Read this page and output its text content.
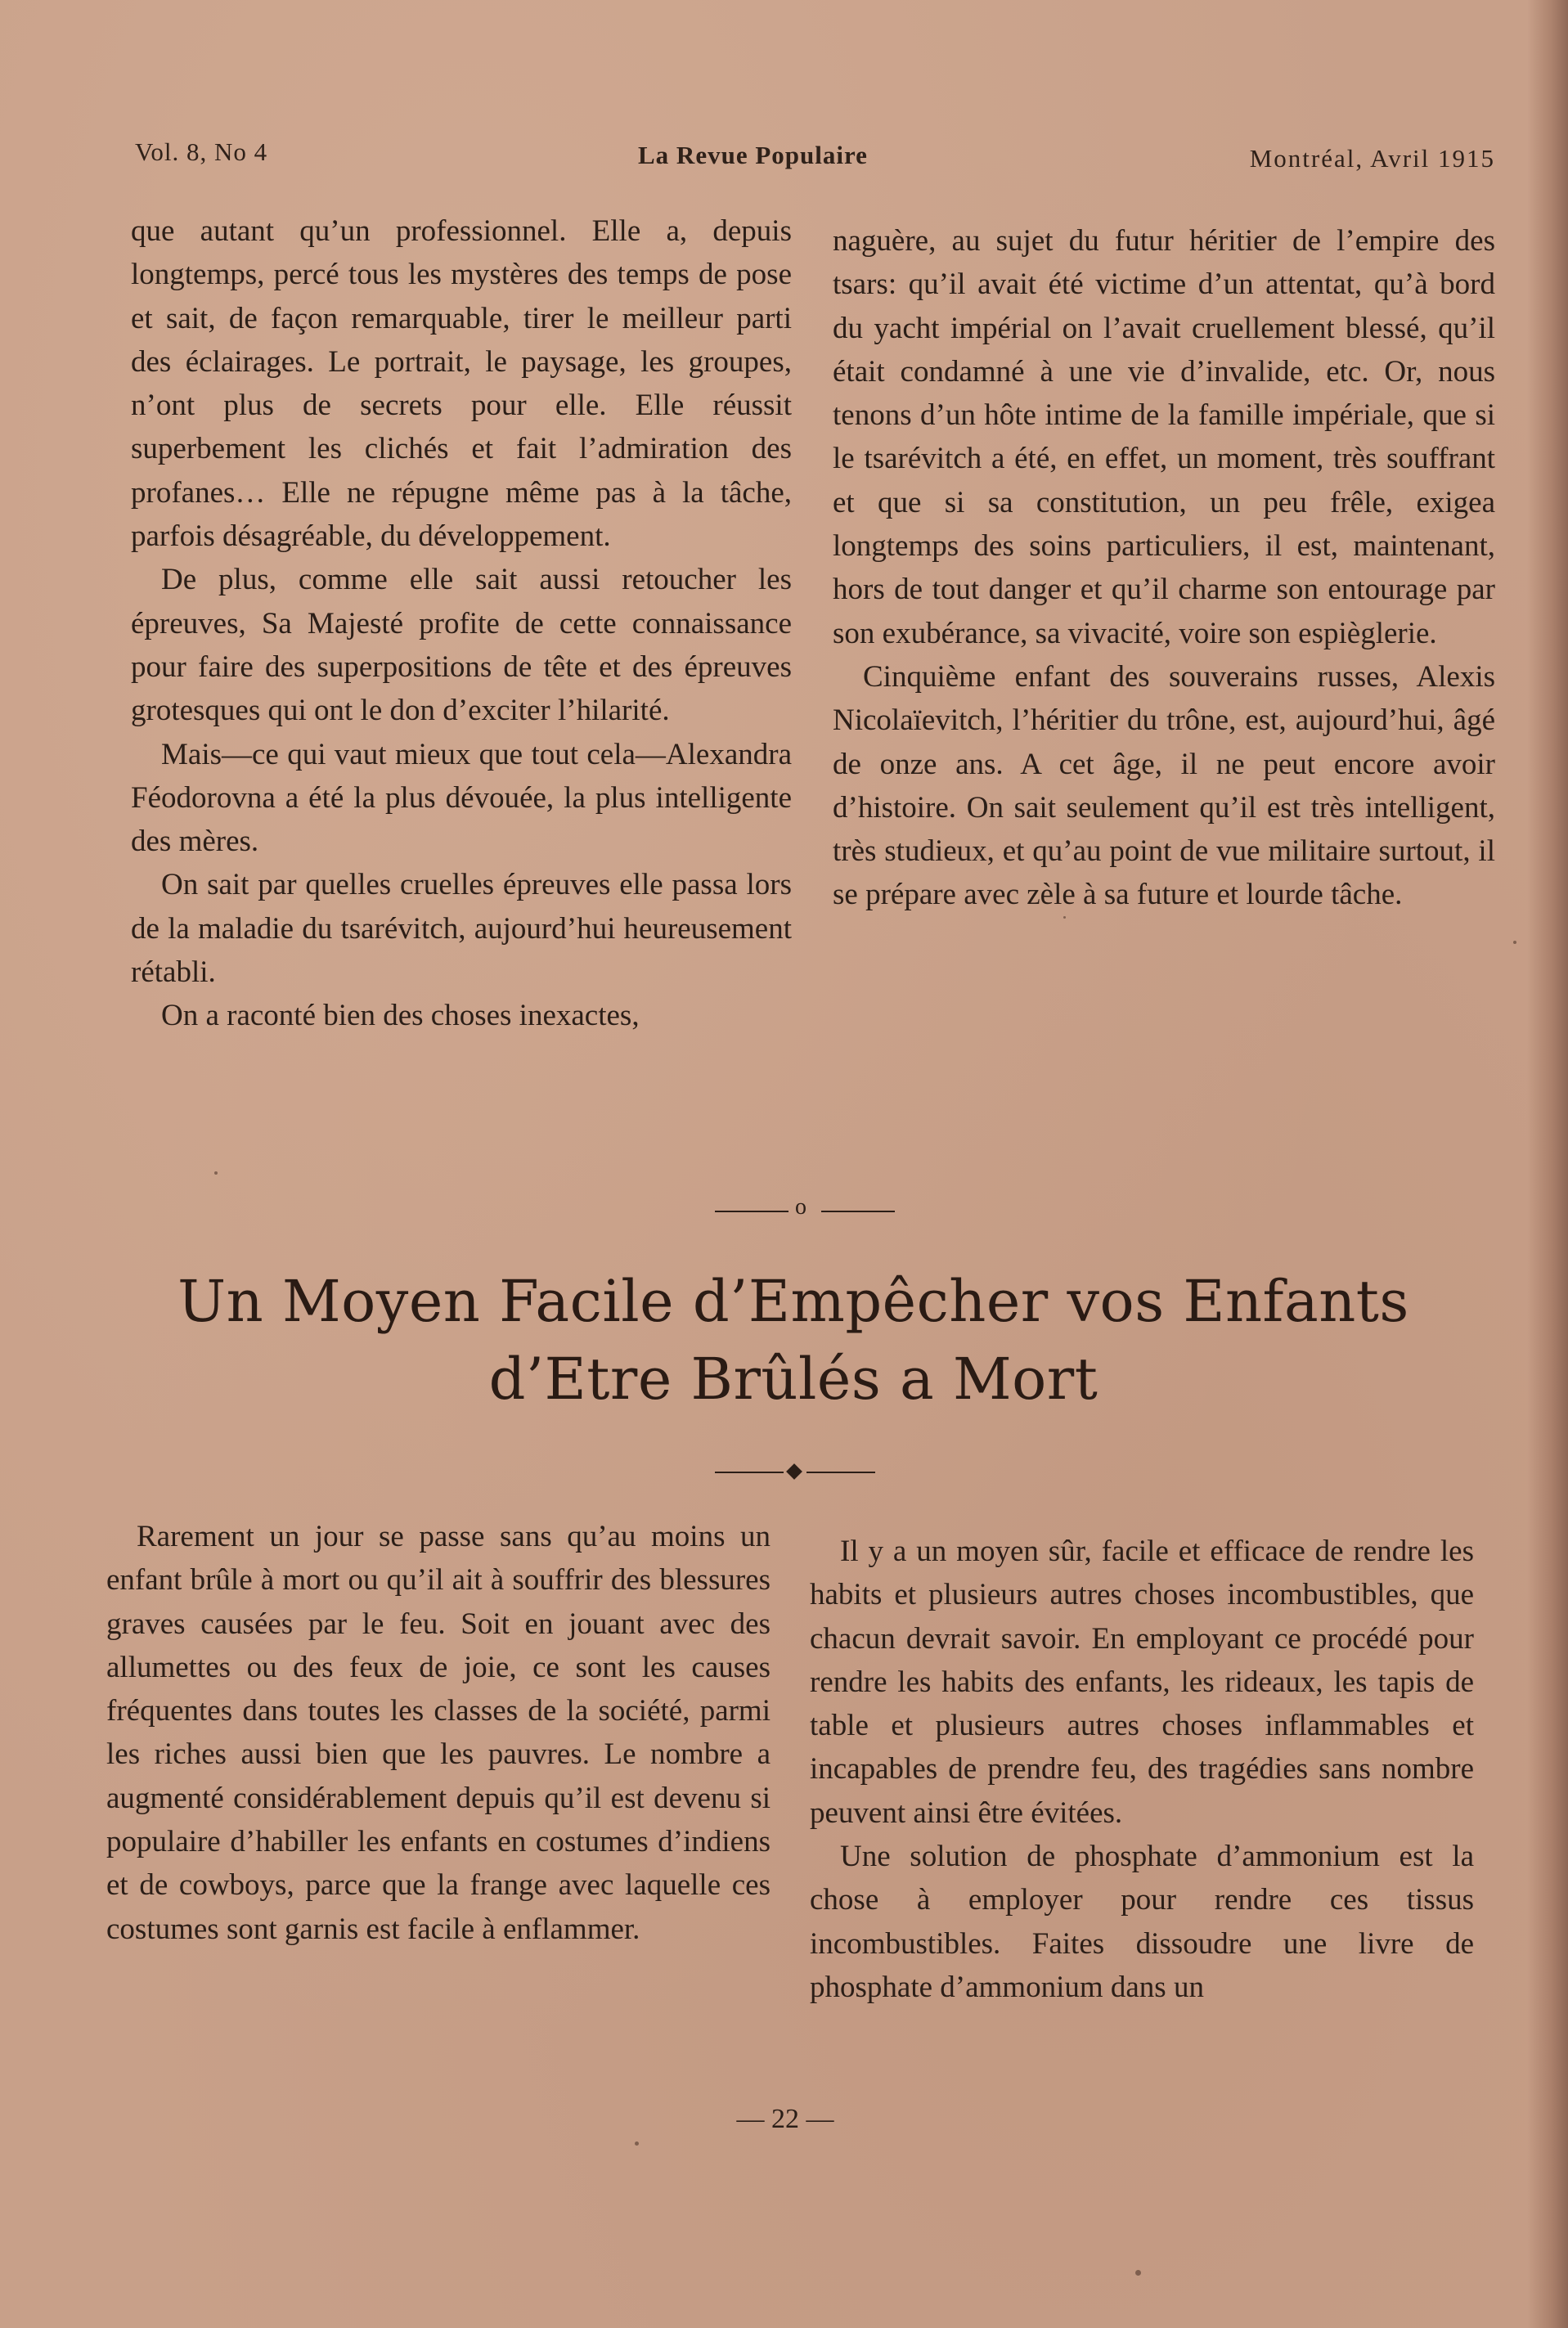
Vol. 8, No 4	La Revue Populaire	Montréal, Avril 1915

que autant qu’un professionnel. Elle a, depuis longtemps, percé tous les mystères des temps de pose et sait, de façon remarquable, tirer le meilleur parti des éclairages. Le portrait, le paysage, les groupes, n’ont plus de secrets pour elle. Elle réussit superbement les clichés et fait l’admiration des profanes… Elle ne répugne même pas à la tâche, parfois désagréable, du développement.

De plus, comme elle sait aussi retoucher les épreuves, Sa Majesté profite de cette connaissance pour faire des superpositions de tête et des épreuves grotesques qui ont le don d’exciter l’hilarité.

Mais—ce qui vaut mieux que tout cela—Alexandra Féodorovna a été la plus dévouée, la plus intelligente des mères.

On sait par quelles cruelles épreuves elle passa lors de la maladie du tsarévitch, aujourd’hui heureusement rétabli.

On a raconté bien des choses inexactes,

naguère, au sujet du futur héritier de l’empire des tsars: qu’il avait été victime d’un attentat, qu’à bord du yacht impérial on l’avait cruellement blessé, qu’il était condamné à une vie d’invalide, etc. Or, nous tenons d’un hôte intime de la famille impériale, que si le tsarévitch a été, en effet, un moment, très souffrant et que si sa constitution, un peu frêle, exigea longtemps des soins particuliers, il est, maintenant, hors de tout danger et qu’il charme son entourage par son exubérance, sa vivacité, voire son espièglerie.

Cinquième enfant des souverains russes, Alexis Nicolaïevitch, l’héritier du trône, est, aujourd’hui, âgé de onze ans. A cet âge, il ne peut encore avoir d’histoire. On sait seulement qu’il est très intelligent, très studieux, et qu’au point de vue militaire surtout, il se prépare avec zèle à sa future et lourde tâche.

o
Un Moyen Facile d’Empêcher vos Enfants
d’Etre Brûlés a Mort

Rarement un jour se passe sans qu’au moins un enfant brûle à mort ou qu’il ait à souffrir des blessures graves causées par le feu. Soit en jouant avec des allumettes ou des feux de joie, ce sont les causes fréquentes dans toutes les classes de la société, parmi les riches aussi bien que les pauvres. Le nombre a augmenté considérablement depuis qu’il est devenu si populaire d’habiller les enfants en costumes d’indiens et de cowboys, parce que la frange avec laquelle ces costumes sont garnis est facile à enflammer.

Il y a un moyen sûr, facile et efficace de rendre les habits et plusieurs autres choses incombustibles, que chacun devrait savoir. En employant ce procédé pour rendre les habits des enfants, les rideaux, les tapis de table et plusieurs autres choses inflammables et incapables de prendre feu, des tragédies sans nombre peuvent ainsi être évitées.

Une solution de phosphate d’ammonium est la chose à employer pour rendre ces tissus incombustibles. Faites dissoudre une livre de phosphate d’ammonium dans un

— 22 —
